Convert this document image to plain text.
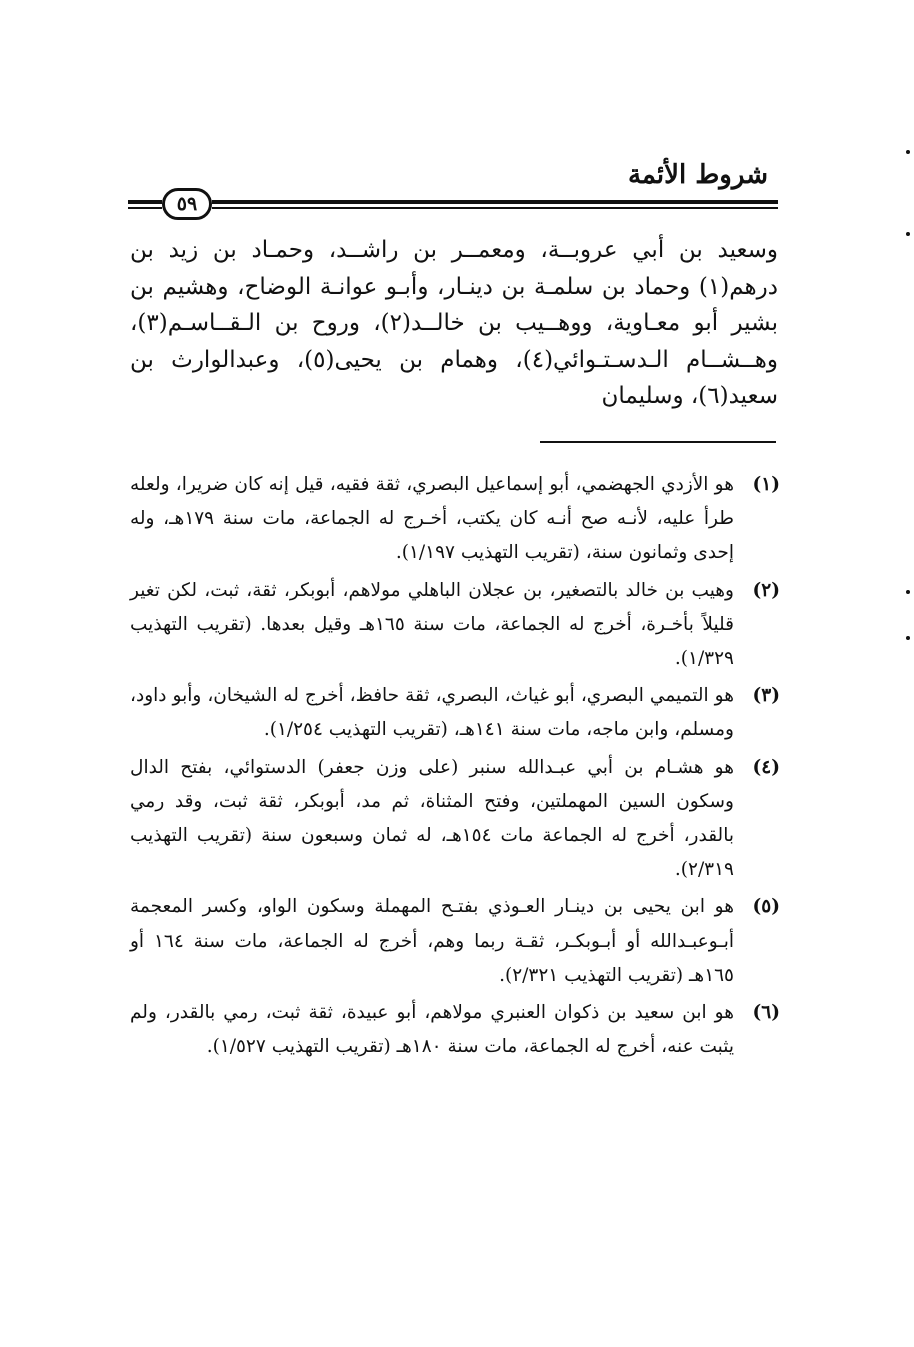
شروط الأئمة
٥٩
وسعيد بن أبي عروبــة، ومعمــر بن راشــد، وحمـاد بن زيد بن درهم(١) وحماد بن سلمـة بن دينـار، وأبـو عوانـة الوضاح، وهشيم بن بشير أبو معـاوية، ووهــيب بن خالــد(٢)، وروح بن الـقــاسـم(٣)، وهــشــام الـدسـتـوائي(٤)، وهمام بن يحيى(٥)، وعبدالوارث بن سعيد(٦)، وسليمان
(١)
هو الأزدي الجهضمي، أبو إسماعيل البصري، ثقة فقيه، قيل إنه كان ضريرا، ولعله طرأ عليه، لأنـه صح أنـه كان يكتب، أخـرج له الجماعة، مات سنة ١٧٩هـ، وله إحدى وثمانون سنة، (تقريب التهذيب ١/١٩٧).
(٢)
وهيب بن خالد بالتصغير، بن عجلان الباهلي مولاهم، أبوبكر، ثقة، ثبت، لكن تغير قليلاً بأخـرة، أخرج له الجماعة، مات سنة ١٦٥هـ وقيل بعدها. (تقريب التهذيب ١/٣٢٩).
(٣)
هو التميمي البصري، أبو غياث، البصري، ثقة حافظ، أخرج له الشيخان، وأبو داود، ومسلم، وابن ماجه، مات سنة ١٤١هـ، (تقريب التهذيب ١/٢٥٤).
(٤)
هو هشـام بن أبي عبـدالله سنبر (على وزن جعفر) الدستوائي، بفتح الدال وسكون السين المهملتين، وفتح المثناة، ثم مد، أبوبكر، ثقة ثبت، وقد رمي بالقدر، أخرج له الجماعة مات ١٥٤هـ، له ثمان وسبعون سنة (تقريب التهذيب ٢/٣١٩).
(٥)
هو ابن يحيى بن دينـار العـوذي بفتـح المهملة وسكون الواو، وكسر المعجمة أبـوعبـدالله أو أبـوبكـر، ثقـة ربما وهم، أخرج له الجماعة، مات سنة ١٦٤ أو ١٦٥هـ (تقريب التهذيب ٢/٣٢١).
(٦)
هو ابن سعيد بن ذكوان العنبري مولاهم، أبو عبيدة، ثقة ثبت، رمي بالقدر، ولم يثبت عنه، أخرج له الجماعة، مات سنة ١٨٠هـ (تقريب التهذيب ١/٥٢٧).
